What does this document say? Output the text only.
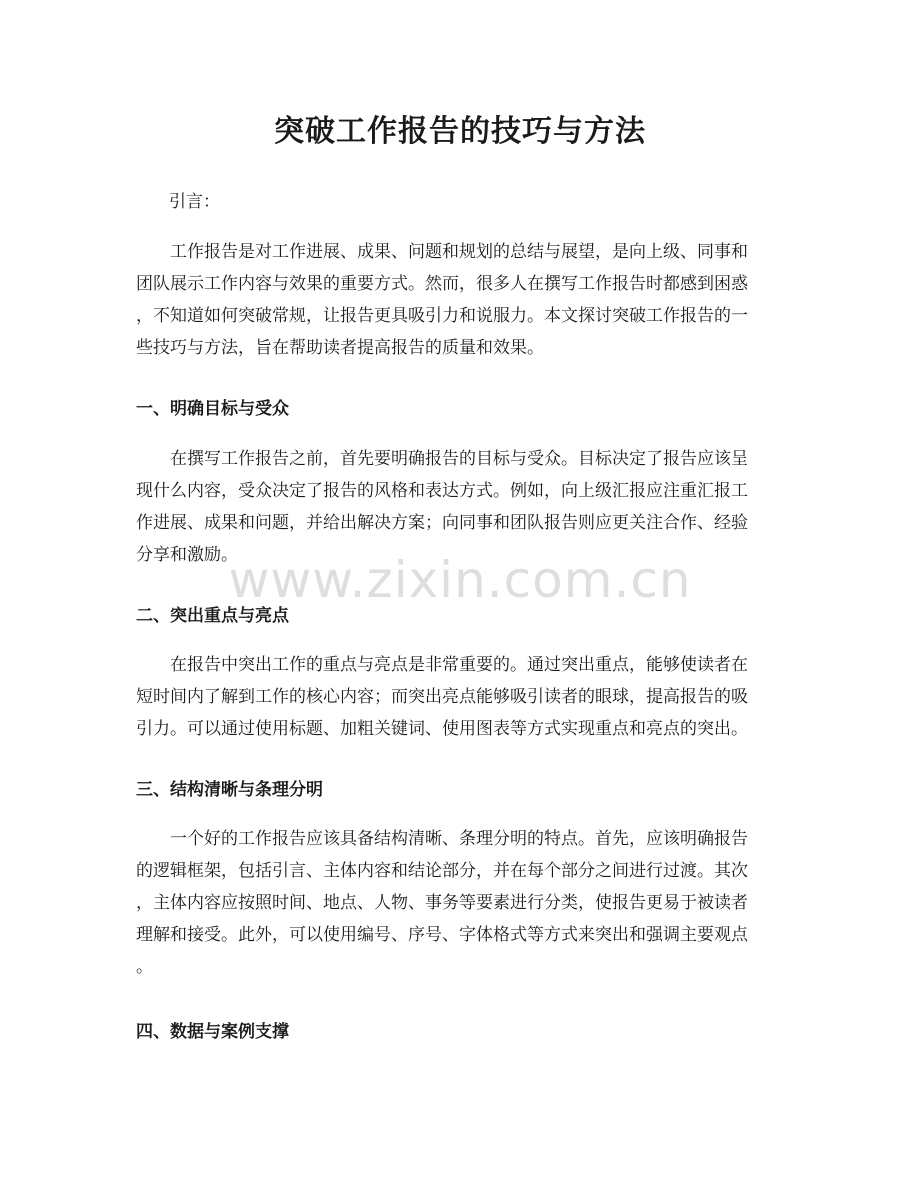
突破工作报告的技巧与方法

引言：

工作报告是对工作进展、成果、问题和规划的总结与展望，是向上级、同事和
团队展示工作内容与效果的重要方式。然而，很多人在撰写工作报告时都感到困惑
，不知道如何突破常规，让报告更具吸引力和说服力。本文探讨突破工作报告的一
些技巧与方法，旨在帮助读者提高报告的质量和效果。

一、明确目标与受众

在撰写工作报告之前，首先要明确报告的目标与受众。目标决定了报告应该呈
现什么内容，受众决定了报告的风格和表达方式。例如，向上级汇报应注重汇报工
作进展、成果和问题，并给出解决方案；向同事和团队报告则应更关注合作、经验
分享和激励。

二、突出重点与亮点

在报告中突出工作的重点与亮点是非常重要的。通过突出重点，能够使读者在
短时间内了解到工作的核心内容；而突出亮点能够吸引读者的眼球，提高报告的吸
引力。可以通过使用标题、加粗关键词、使用图表等方式实现重点和亮点的突出。

三、结构清晰与条理分明

一个好的工作报告应该具备结构清晰、条理分明的特点。首先，应该明确报告
的逻辑框架，包括引言、主体内容和结论部分，并在每个部分之间进行过渡。其次
，主体内容应按照时间、地点、人物、事务等要素进行分类，使报告更易于被读者
理解和接受。此外，可以使用编号、序号、字体格式等方式来突出和强调主要观点
。

四、数据与案例支撑
www.zixin.com.cn
